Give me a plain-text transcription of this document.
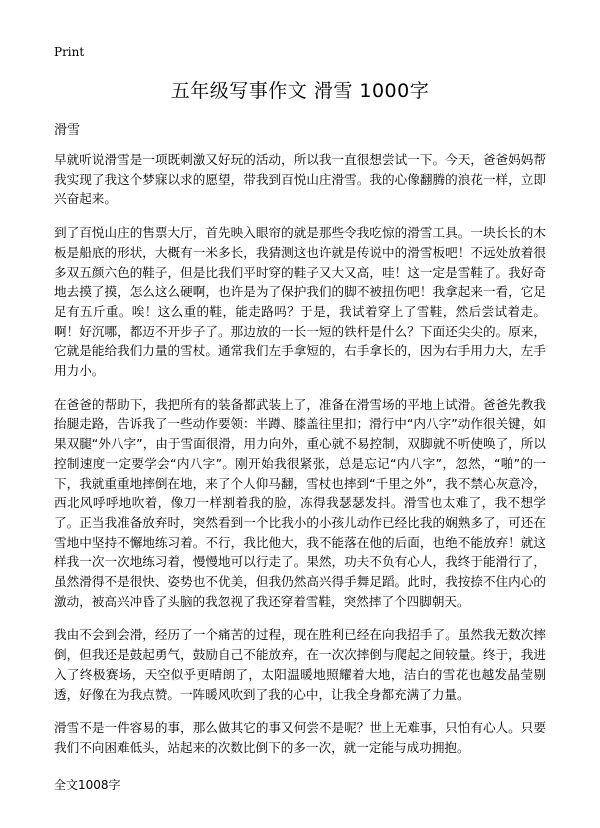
Print
五年级写事作文 滑雪 1000字
滑雪

早就听说滑雪是一项既刺激又好玩的活动，所以我一直很想尝试一下。今天，爸爸妈妈帮我实现了我这个梦寐以求的愿望，带我到百悦山庄滑雪。我的心像翻腾的浪花一样，立即兴奋起来。

到了百悦山庄的售票大厅，首先映入眼帘的就是那些令我吃惊的滑雪工具。一块长长的木板是船底的形状，大概有一米多长，我猜测这也许就是传说中的滑雪板吧！不远处放着很多双五颜六色的鞋子，但是比我们平时穿的鞋子又大又高，哇！这一定是雪鞋了。我好奇地去摸了摸，怎么这么硬啊，也许是为了保护我们的脚不被扭伤吧！我拿起来一看，它足足有五斤重。唉！这么重的鞋，能走路吗？于是，我试着穿上了雪鞋，然后尝试着走。啊！好沉哪，都迈不开步子了。那边放的一长一短的铁杆是什么？下面还尖尖的。原来，它就是能给我们力量的雪杖。通常我们左手拿短的，右手拿长的，因为右手用力大，左手用力小。

在爸爸的帮助下，我把所有的装备都武装上了，准备在滑雪场的平地上试滑。爸爸先教我抬腿走路，告诉我了一些动作要领：半蹲、膝盖往里扣；滑行中“内八字”动作很关键，如果双腿“外八字”，由于雪面很滑，用力向外，重心就不易控制，双脚就不听使唤了，所以控制速度一定要学会“内八字”。刚开始我很紧张，总是忘记“内八字”，忽然，“啪”的一下，我就重重地摔倒在地，来了个人仰马翻，雪杖也摔到“千里之外”，我不禁心灰意冷，西北风呼呼地吹着，像刀一样割着我的脸，冻得我瑟瑟发抖。滑雪也太难了，我不想学了。正当我准备放弃时，突然看到一个比我小的小孩儿动作已经比我的娴熟多了，可还在雪地中坚持不懈地练习着。不行，我比他大，我不能落在他的后面，也绝不能放弃！就这样我一次一次地练习着，慢慢地可以行走了。果然，功夫不负有心人，我终于能滑行了，虽然滑得不是很快、姿势也不优美，但我仍然高兴得手舞足蹈。此时，我按捺不住内心的激动，被高兴冲昏了头脑的我忽视了我还穿着雪鞋，突然摔了个四脚朝天。

我由不会到会滑，经历了一个痛苦的过程，现在胜利已经在向我招手了。虽然我无数次摔倒，但我还是鼓起勇气，鼓励自己不能放弃，在一次次摔倒与爬起之间较量。终于，我进入了终极赛场，天空似乎更晴朗了，太阳温暖地照耀着大地，洁白的雪花也越发晶莹剔透，好像在为我点赞。一阵暖风吹到了我的心中，让我全身都充满了力量。

滑雪不是一件容易的事，那么做其它的事又何尝不是呢？世上无难事，只怕有心人。只要我们不向困难低头，站起来的次数比倒下的多一次，就一定能与成功拥抱。

全文1008字
